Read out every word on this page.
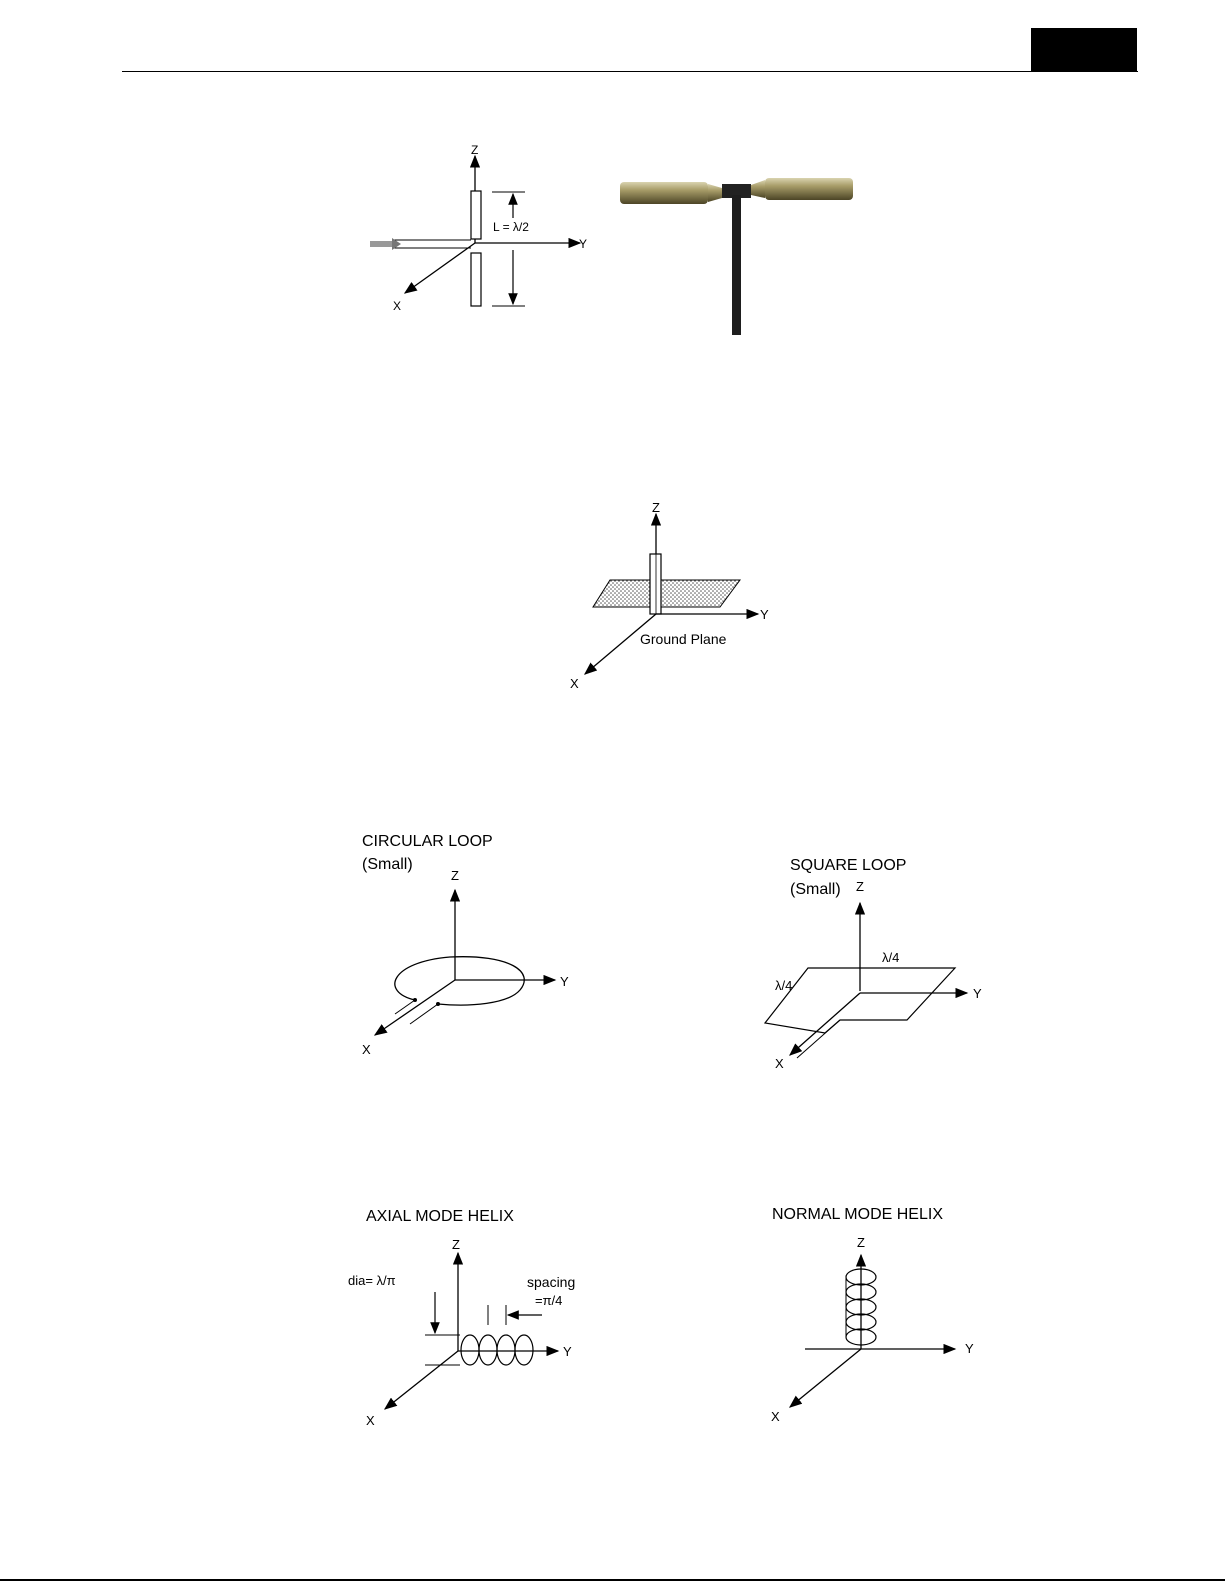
Z
Y
X
L = λ/2
Z
Y
X
Ground Plane
CIRCULAR LOOP
(Small)
Z
Y
X
SQUARE LOOP
(Small) Z
Y
X
λ/4
λ/4
AXIAL MODE HELIX
Z
Y
X
dia= λ/π	spacing
=π/4
NORMAL MODE HELIX
Z
Y
X
